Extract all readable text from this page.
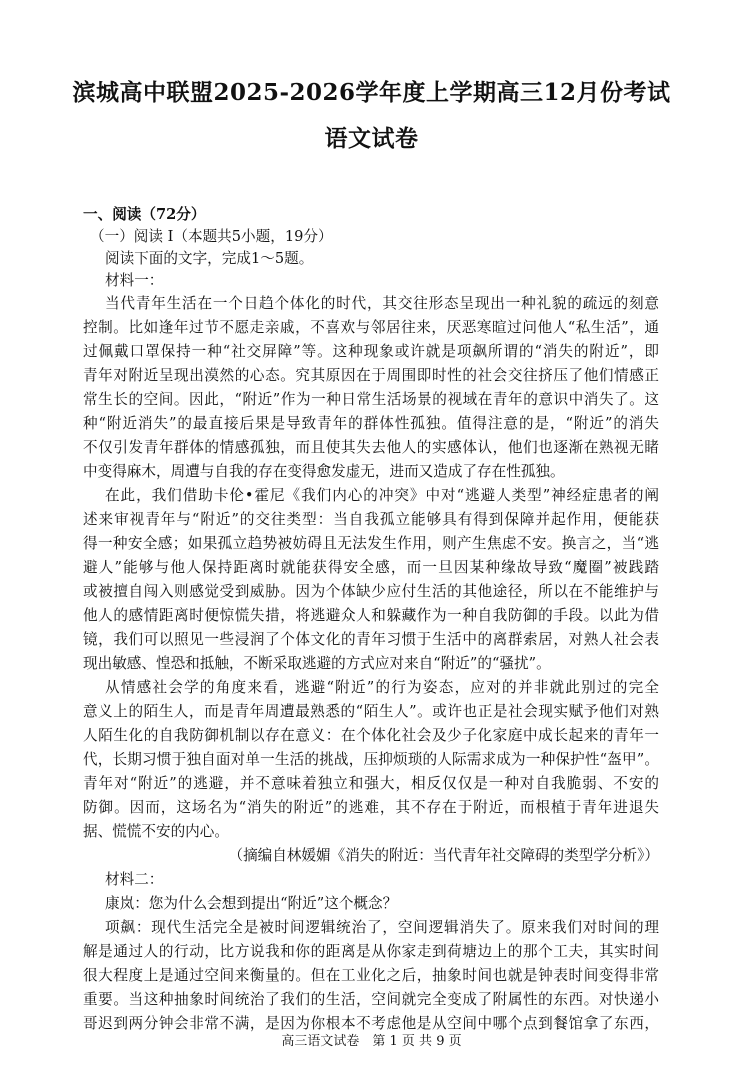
滨城高中联盟2025-2026学年度上学期高三12月份考试
语文试卷
一、阅读（72分）
（一）阅读 I（本题共5小题，19分）
阅读下面的文字，完成1～5题。
材料一：
当代青年生活在一个日趋个体化的时代，其交往形态呈现出一种礼貌的疏远的刻意
控制。比如逢年过节不愿走亲戚，不喜欢与邻居往来，厌恶寒暄过问他人“私生活”，通
过佩戴口罩保持一种“社交屏障”等。这种现象或许就是项飙所谓的“消失的附近”，即
青年对附近呈现出漠然的心态。究其原因在于周围即时性的社会交往挤压了他们情感正
常生长的空间。因此，“附近”作为一种日常生活场景的视域在青年的意识中消失了。这
种“附近消失”的最直接后果是导致青年的群体性孤独。值得注意的是，“附近”的消失
不仅引发青年群体的情感孤独，而且使其失去他人的实感体认，他们也逐渐在熟视无睹
中变得麻木，周遭与自我的存在变得愈发虚无，进而又造成了存在性孤独。
在此，我们借助卡伦•霍尼《我们内心的冲突》中对“逃避人类型”神经症患者的阐
述来审视青年与“附近”的交往类型：当自我孤立能够具有得到保障并起作用，便能获
得一种安全感；如果孤立趋势被妨碍且无法发生作用，则产生焦虑不安。换言之，当“逃
避人”能够与他人保持距离时就能获得安全感，而一旦因某种缘故导致“魔圈”被践踏
或被擅自闯入则感觉受到威胁。因为个体缺少应付生活的其他途径，所以在不能维护与
他人的感情距离时便惊慌失措，将逃避众人和躲藏作为一种自我防御的手段。以此为借
镜，我们可以照见一些浸润了个体文化的青年习惯于生活中的离群索居，对熟人社会表
现出敏感、惶恐和抵触，不断采取逃避的方式应对来自“附近”的“骚扰”。
从情感社会学的角度来看，逃避“附近”的行为姿态，应对的并非就此别过的完全
意义上的陌生人，而是青年周遭最熟悉的“陌生人”。或许也正是社会现实赋予他们对熟
人陌生化的自我防御机制以存在意义：在个体化社会及少子化家庭中成长起来的青年一
代，长期习惯于独自面对单一生活的挑战，压抑烦琐的人际需求成为一种保护性“盔甲”。
青年对“附近”的逃避，并不意味着独立和强大，相反仅仅是一种对自我脆弱、不安的
防御。因而，这场名为“消失的附近”的逃难，其不存在于附近，而根植于青年进退失
据、慌慌不安的内心。
（摘编自林媛媚《消失的附近：当代青年社交障碍的类型学分析》）
材料二：
康岚：您为什么会想到提出“附近”这个概念？
项飙：现代生活完全是被时间逻辑统治了，空间逻辑消失了。原来我们对时间的理
解是通过人的行动，比方说我和你的距离是从你家走到荷塘边上的那个工夫，其实时间
很大程度上是通过空间来衡量的。但在工业化之后，抽象时间也就是钟表时间变得非常
重要。当这种抽象时间统治了我们的生活，空间就完全变成了附属性的东西。对快递小
哥迟到两分钟会非常不满，是因为你根本不考虑他是从空间中哪个点到餐馆拿了东西，
高三语文试卷　第 1 页 共 9 页
